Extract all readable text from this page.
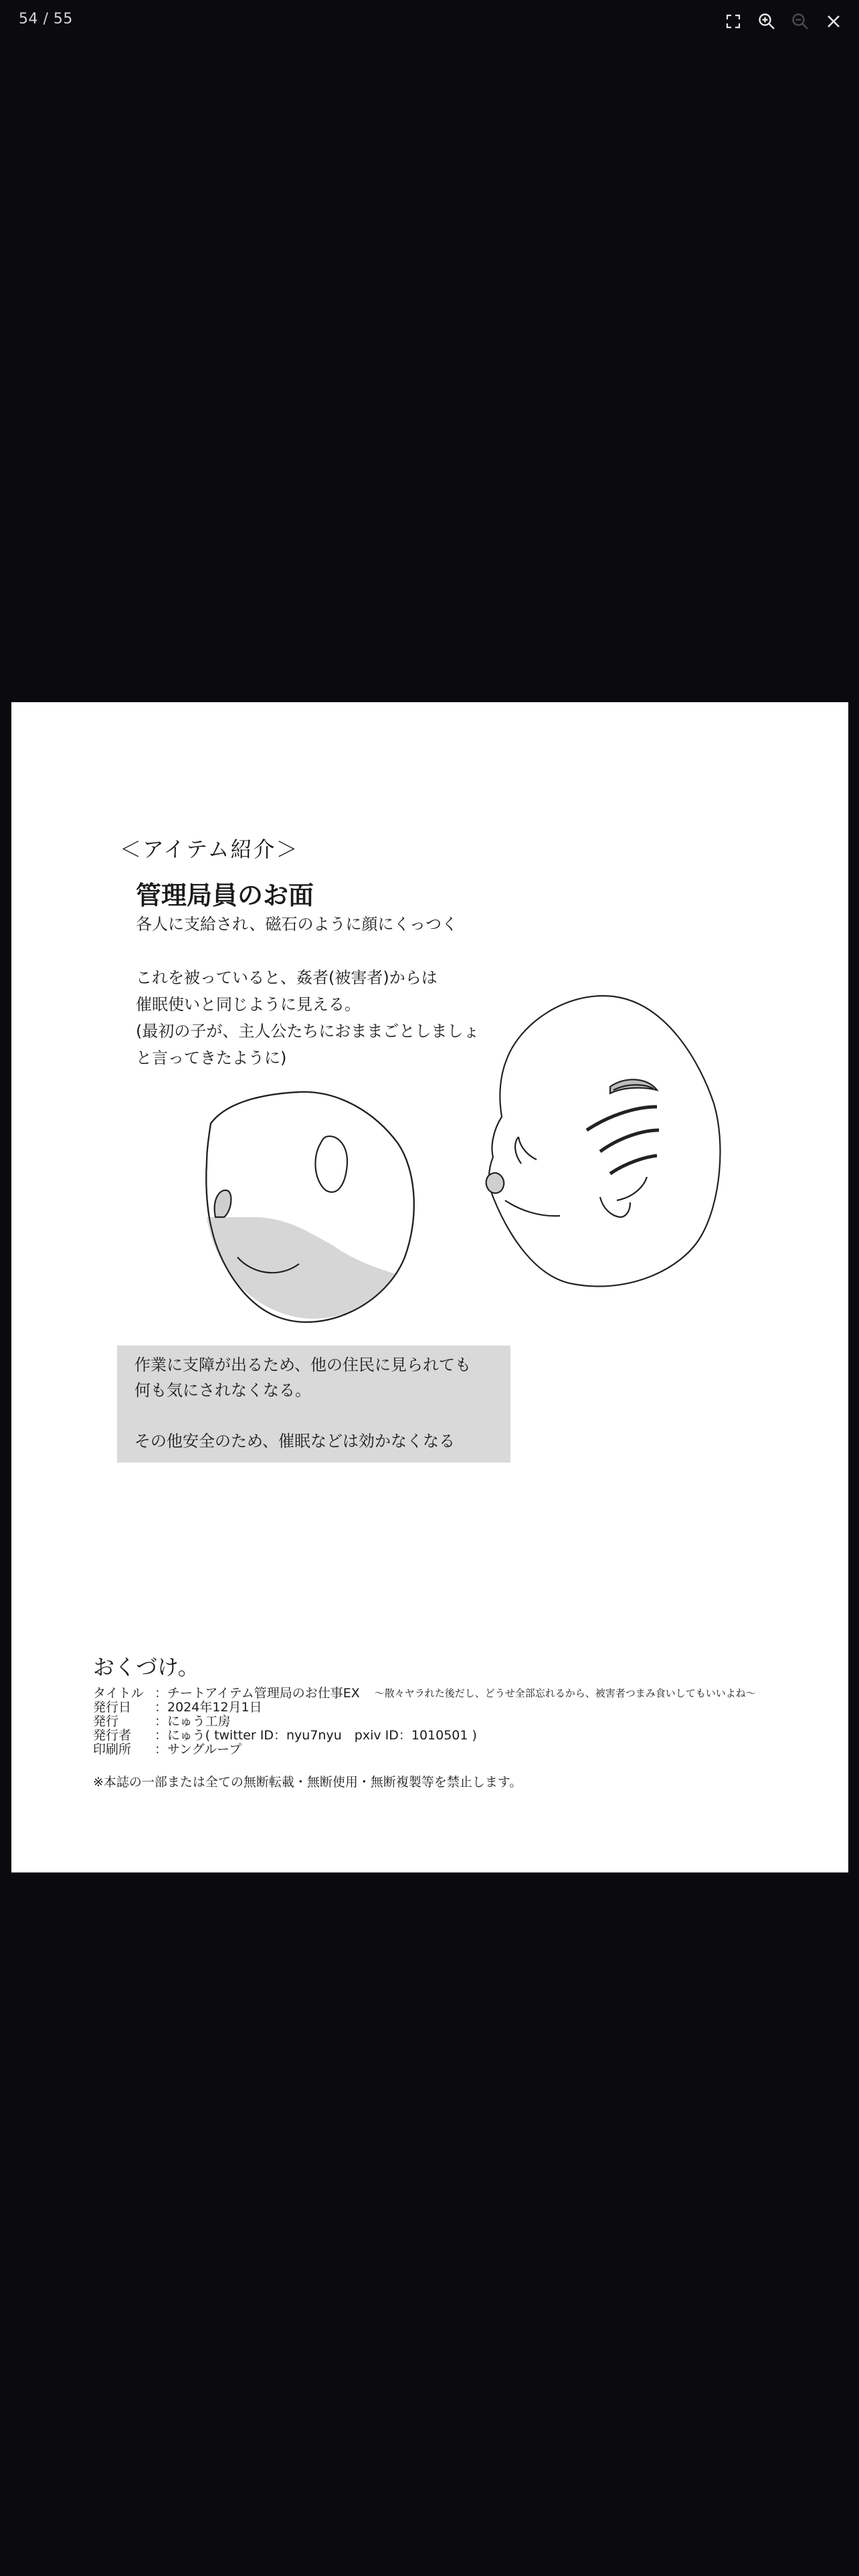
54 / 55
＜アイテム紹介＞
管理局員のお面
各人に支給され、磁石のように顔にくっつく

これを被っていると、姦者(被害者)からは
催眠使いと同じように見える。
(最初の子が、主人公たちにおままごとしましょ
と言ってきたように)
作業に支障が出るため、他の住民に見られても
何も気にされなくなる。

その他安全のため、催眠などは効かなくなる
おくづけ。
タイトル ：チートアイテム管理局のお仕事EX ～散々ヤラれた後だし、どうせ全部忘れるから、被害者つまみ食いしてもいいよね～
発行日	：2024年12月1日
発行	：にゅう工房
発行者	：にゅう( twitter ID：nyu7nyu　pxiv ID：1010501 )
印刷所	：サングループ
※本誌の一部または全ての無断転載・無断使用・無断複製等を禁止します。
